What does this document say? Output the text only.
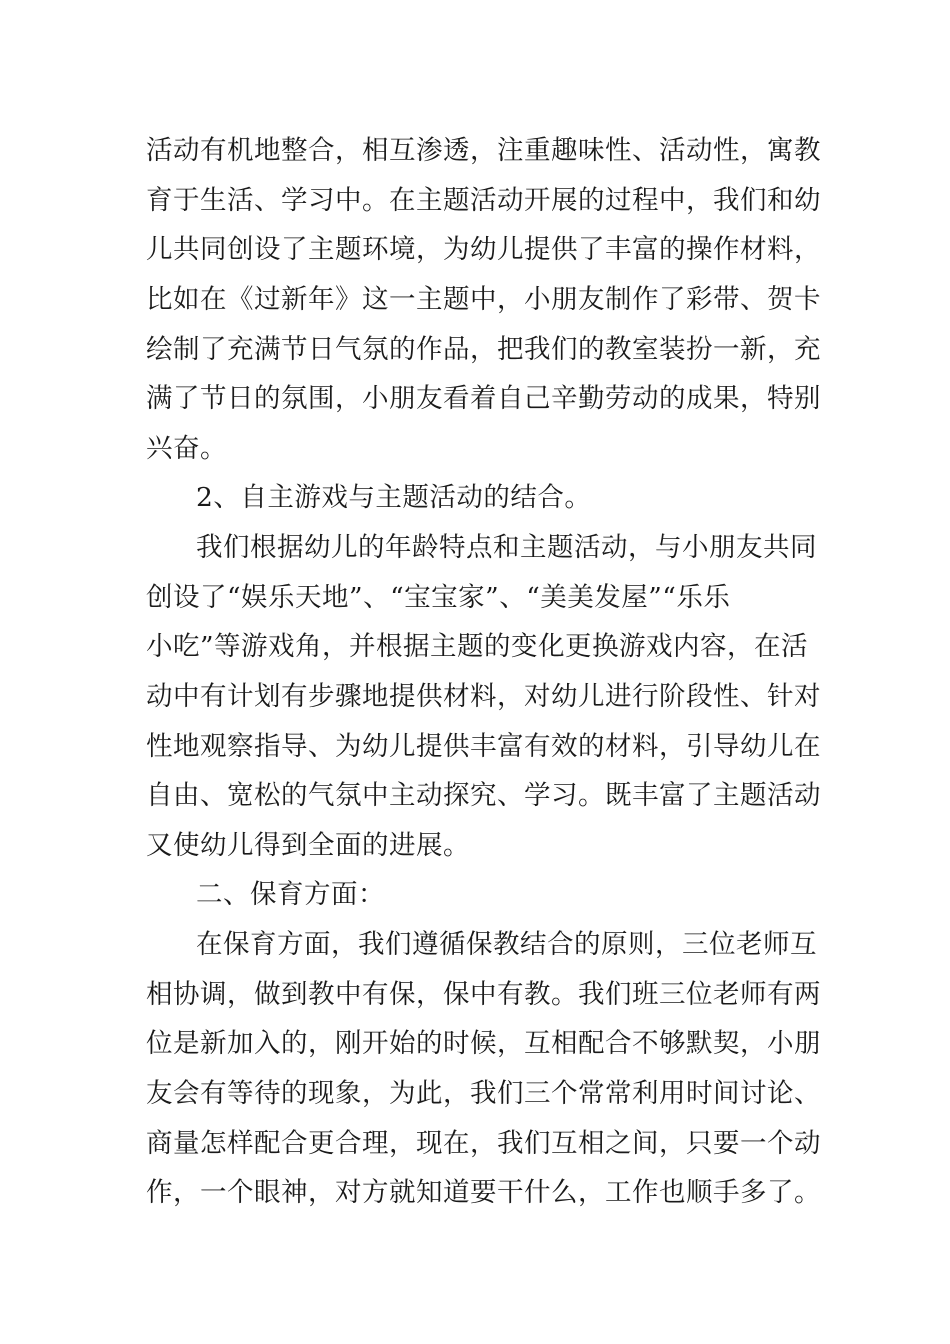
活动有机地整合，相互渗透，注重趣味性、活动性，寓教
育于生活、学习中。在主题活动开展的过程中，我们和幼
儿共同创设了主题环境，为幼儿提供了丰富的操作材料，
比如在《过新年》这一主题中，小朋友制作了彩带、贺卡
绘制了充满节日气氛的作品，把我们的教室装扮一新，充
满了节日的氛围，小朋友看着自己辛勤劳动的成果，特别
兴奋。
2、自主游戏与主题活动的结合。
我们根据幼儿的年龄特点和主题活动，与小朋友共同
创设了“娱乐天地”、“宝宝家”、“美美发屋”“乐乐
小吃”等游戏角，并根据主题的变化更换游戏内容，在活
动中有计划有步骤地提供材料，对幼儿进行阶段性、针对
性地观察指导、为幼儿提供丰富有效的材料，引导幼儿在
自由、宽松的气氛中主动探究、学习。既丰富了主题活动
又使幼儿得到全面的进展。
二、保育方面：
在保育方面，我们遵循保教结合的原则，三位老师互
相协调，做到教中有保，保中有教。我们班三位老师有两
位是新加入的，刚开始的时候，互相配合不够默契，小朋
友会有等待的现象，为此，我们三个常常利用时间讨论、
商量怎样配合更合理，现在，我们互相之间，只要一个动
作，一个眼神，对方就知道要干什么，工作也顺手多了。
